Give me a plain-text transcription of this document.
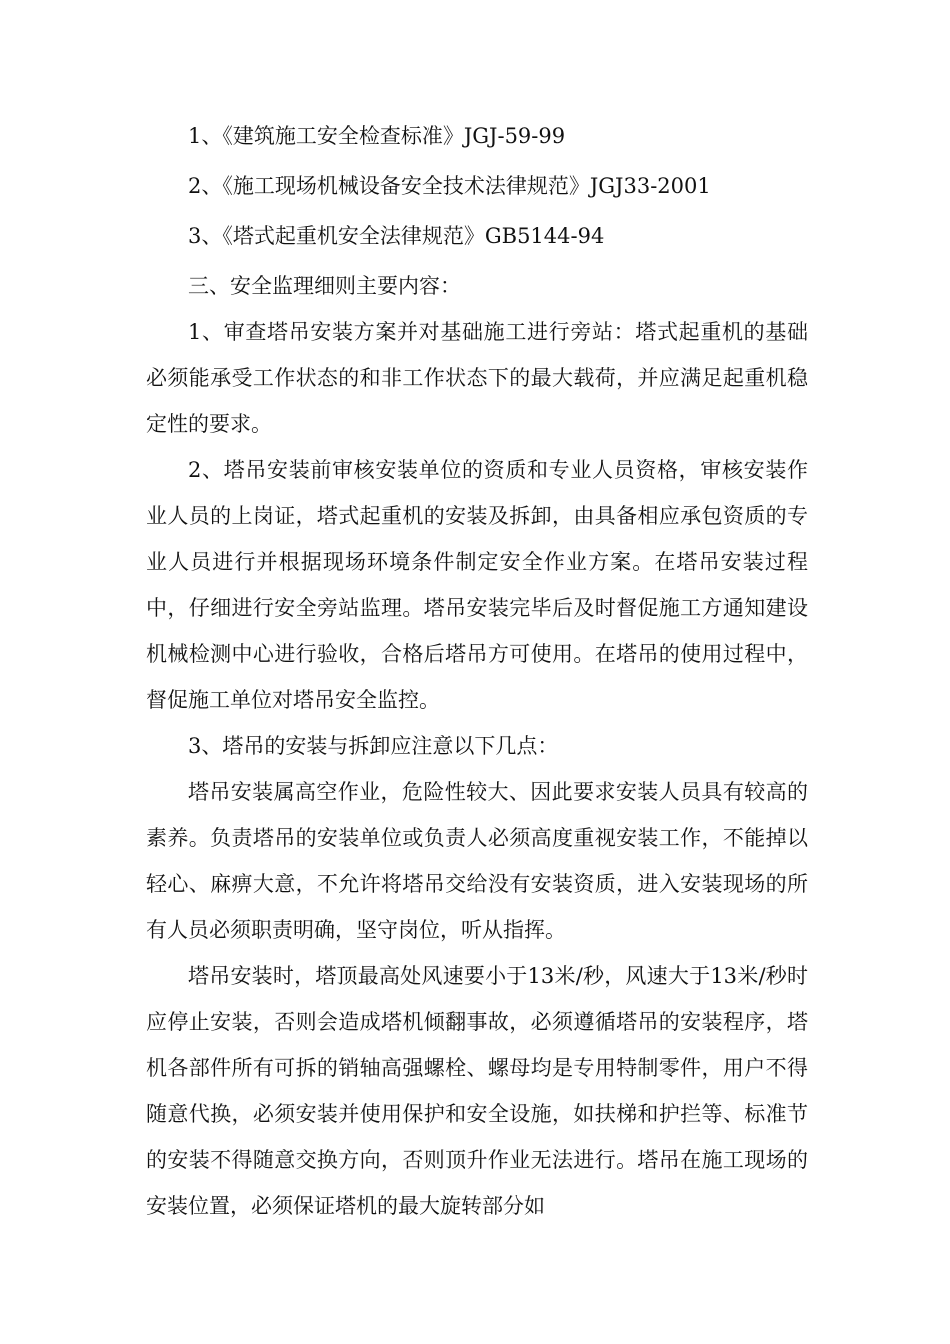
1、《建筑施工安全检查标准》JGJ-59-99

2、《施工现场机械设备安全技术法律规范》JGJ33-2001

3、《塔式起重机安全法律规范》GB5144-94

三、安全监理细则主要内容：

1、审查塔吊安装方案并对基础施工进行旁站：塔式起重机的基础必须能承受工作状态的和非工作状态下的最大载荷，并应满足起重机稳定性的要求。

2、塔吊安装前审核安装单位的资质和专业人员资格，审核安装作业人员的上岗证，塔式起重机的安装及拆卸，由具备相应承包资质的专业人员进行并根据现场环境条件制定安全作业方案。在塔吊安装过程中，仔细进行安全旁站监理。塔吊安装完毕后及时督促施工方通知建设机械检测中心进行验收，合格后塔吊方可使用。在塔吊的使用过程中，督促施工单位对塔吊安全监控。

3、塔吊的安装与拆卸应注意以下几点：

塔吊安装属高空作业，危险性较大、因此要求安装人员具有较高的素养。负责塔吊的安装单位或负责人必须高度重视安装工作，不能掉以轻心、麻痹大意，不允许将塔吊交给没有安装资质，进入安装现场的所有人员必须职责明确，坚守岗位，听从指挥。

塔吊安装时，塔顶最高处风速要小于13米/秒，风速大于13米/秒时应停止安装，否则会造成塔机倾翻事故，必须遵循塔吊的安装程序，塔机各部件所有可拆的销轴高强螺栓、螺母均是专用特制零件，用户不得随意代换，必须安装并使用保护和安全设施，如扶梯和护拦等、标准节的安装不得随意交换方向，否则顶升作业无法进行。塔吊在施工现场的安装位置，必须保证塔机的最大旋转部分如
